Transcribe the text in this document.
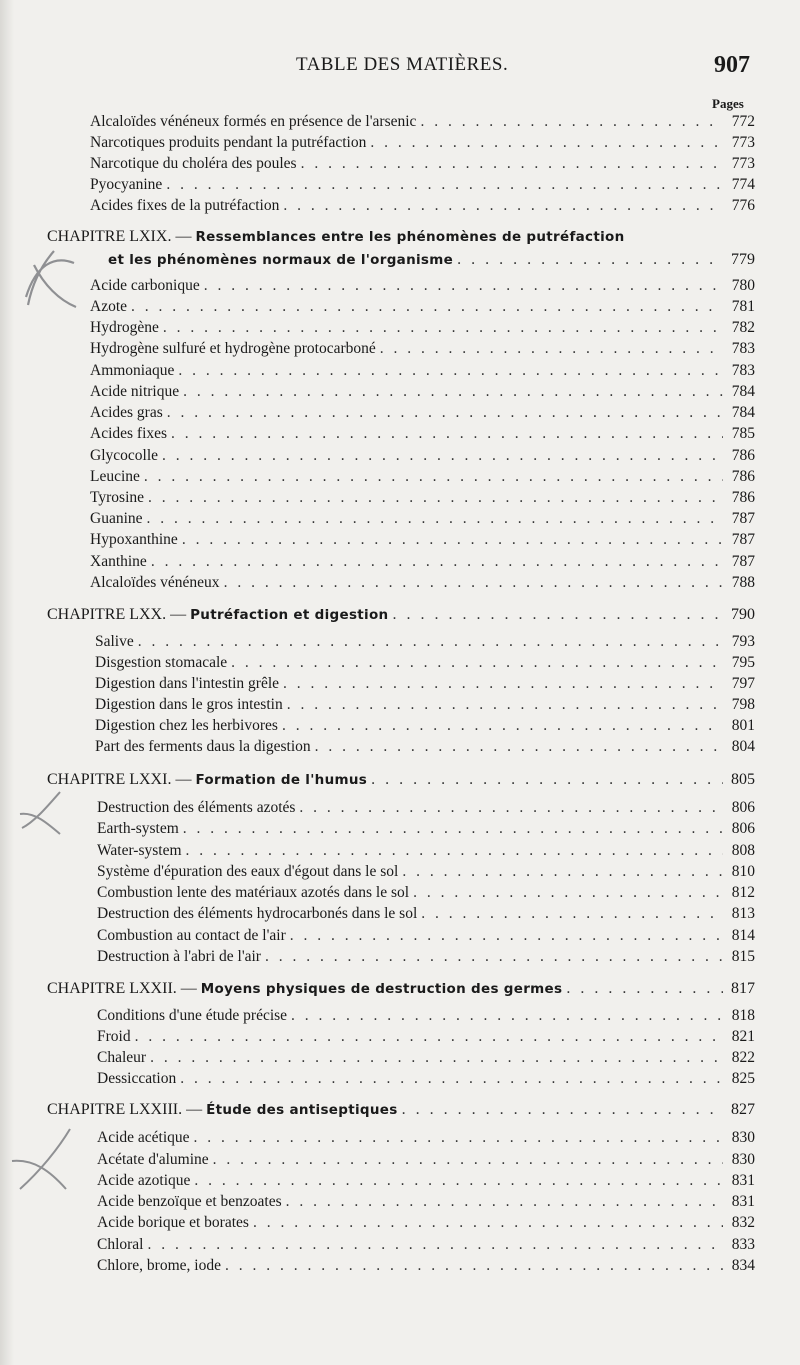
TABLE DES MATIÈRES.	907
Pages
Alcaloïdes vénéneux formés en présence de l'arsenic . . .	772
Narcotiques produits pendant la putréfaction . . .	773
Narcotique du choléra des poules . . .	773
Pyocyanine . . .	774
Acides fixes de la putréfaction . . .	776
CHAPITRE LXIX. — Ressemblances entre les phénomènes de putréfaction
et les phénomènes normaux de l'organisme . . .	779
Acide carbonique . . .	780
Azote . . .	781
Hydrogène . . .	782
Hydrogène sulfuré et hydrogène protocarboné . . .	783
Ammoniaque . . .	783
Acide nitrique . . .	784
Acides gras . . .	784
Acides fixes . . .	785
Glycocolle . . .	786
Leucine . . .	786
Tyrosine . . .	786
Guanine . . .	787
Hypoxanthine . . .	787
Xanthine . . .	787
Alcaloïdes vénéneux . . .	788
CHAPITRE LXX. — Putréfaction et digestion . . .	790
Salive . . .	793
Disgestion stomacale . . .	795
Digestion dans l'intestin grêle . . .	797
Digestion dans le gros intestin . . .	798
Digestion chez les herbivores . . .	801
Part des ferments daus la digestion . . .	804
CHAPITRE LXXI. — Formation de l'humus . . .	805
Destruction des éléments azotés . . .	806
Earth-system . . .	806
Water-system . . .	808
Système d'épuration des eaux d'égout dans le sol . . .	810
Combustion lente des matériaux azotés dans le sol . . .	812
Destruction des éléments hydrocarbonés dans le sol . . .	813
Combustion au contact de l'air . . .	814
Destruction à l'abri de l'air . . .	815
CHAPITRE LXXII. — Moyens physiques de destruction des germes . . .	817
Conditions d'une étude précise . . .	818
Froid . . .	821
Chaleur . . .	822
Dessiccation . . .	825
CHAPITRE LXXIII. — Étude des antiseptiques . . .	827
Acide acétique . . .	830
Acétate d'alumine . . .	830
Acide azotique . . .	831
Acide benzoïque et benzoates . . .	831
Acide borique et borates . . .	832
Chloral . . .	833
Chlore, brome, iode . . .	834
